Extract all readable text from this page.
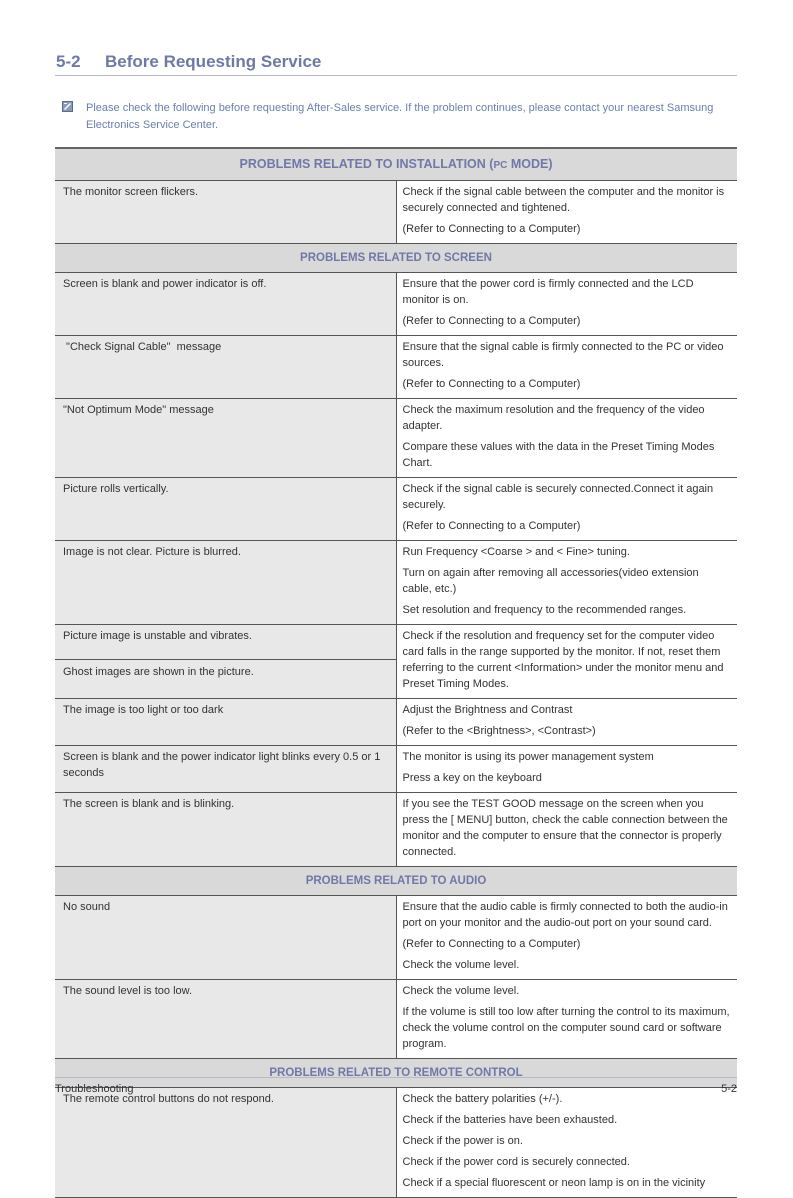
5-2 Before Requesting Service
Please check the following before requesting After-Sales service. If the problem continues, please contact your nearest Samsung Electronics Service Center.
PROBLEMS RELATED TO INSTALLATION (PC MODE)	
The monitor screen flickers.	Check if the signal cable between the computer and the monitor is securely connected and tightened.

(Refer to Connecting to a Computer)

PROBLEMS RELATED TO SCREEN	
Screen is blank and power indicator is off.	Ensure that the power cord is firmly connected and the LCD monitor is on.

(Refer to Connecting to a Computer)

"Check Signal Cable"  message	Ensure that the signal cable is firmly connected to the PC or video sources.

(Refer to Connecting to a Computer)

"Not Optimum Mode" message	Check the maximum resolution and the frequency of the video adapter.

Compare these values with the data in the Preset Timing Modes Chart.

Picture rolls vertically.	Check if the signal cable is securely connected.Connect it again securely.

(Refer to Connecting to a Computer)

Image is not clear. Picture is blurred.	Run Frequency <Coarse > and < Fine> tuning.

Turn on again after removing all accessories(video extension cable, etc.)

Set resolution and frequency to the recommended ranges.

Picture image is unstable and vibrates.	Check if the resolution and frequency set for the computer video card falls in the range supported by the monitor. If not, reset them referring to the current <Information> under the monitor menu and Preset Timing Modes.

Ghost images are shown in the picture.	
The image is too light or too dark	Adjust the Brightness and Contrast

(Refer to the <Brightness>, <Contrast>)

Screen is blank and the power indicator light blinks every 0.5 or 1 seconds	The monitor is using its power management system

Press a key on the keyboard

The screen is blank and is blinking.	If you see the TEST GOOD message on the screen when you press the [ MENU] button, check the cable connection between the monitor and the computer to ensure that the connector is properly connected.

PROBLEMS RELATED TO AUDIO	
No sound	Ensure that the audio cable is firmly connected to both the audio-in port on your monitor and the audio-out port on your sound card.

(Refer to Connecting to a Computer)

Check the volume level.

The sound level is too low.	Check the volume level.

If the volume is still too low after turning the control to its maximum, check the volume control on the computer sound card or software program.

PROBLEMS RELATED TO REMOTE CONTROL	
The remote control buttons do not respond.	Check the battery polarities (+/-).

Check if the batteries have been exhausted.

Check if the power is on.

Check if the power cord is securely connected.

Check if a special fluorescent or neon lamp is on in the vicinity

Troubleshooting	5-2
